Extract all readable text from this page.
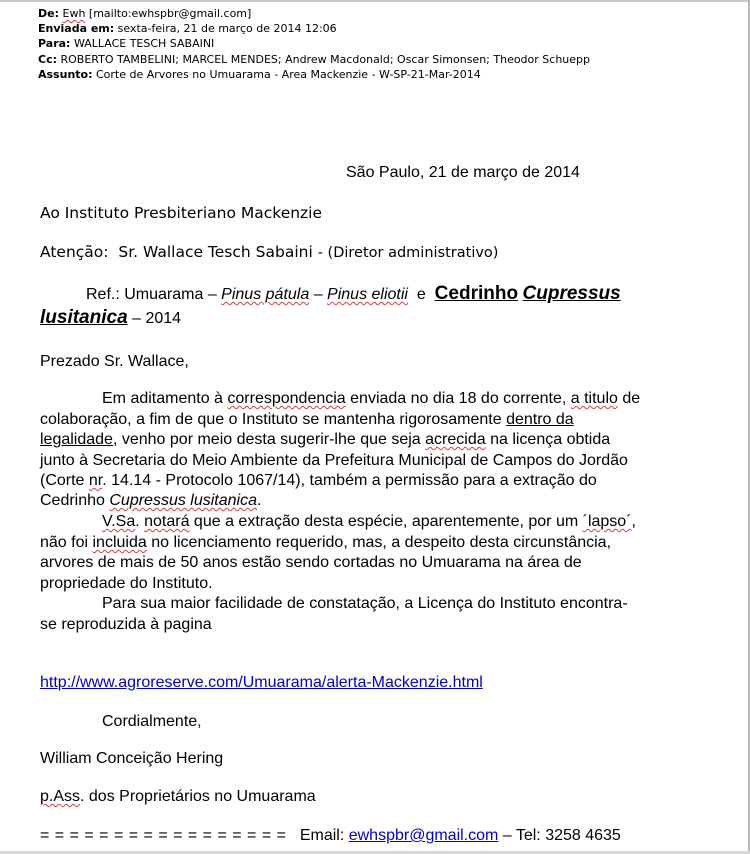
De: Ewh [mailto:ewhspbr@gmail.com]
Enviada em: sexta-feira, 21 de março de 2014 12:06
Para: WALLACE TESCH SABAINI
Cc: ROBERTO TAMBELINI; MARCEL MENDES; Andrew Macdonald; Oscar Simonsen; Theodor Schuepp
Assunto: Corte de Arvores no Umuarama - Area Mackenzie - W-SP-21-Mar-2014
São Paulo, 21 de março de 2014
Ao Instituto Presbiteriano Mackenzie
Atenção: Sr. Wallace Tesch Sabaini - (Diretor administrativo)
Ref.: Umuarama – Pinus pátula – Pinus eliotii e Cedrinho Cupressus
lusitanica – 2014
Prezado Sr. Wallace,
Em aditamento à correspondencia enviada no dia 18 do corrente, a titulo de
colaboração, a fim de que o Instituto se mantenha rigorosamente dentro da
legalidade, venho por meio desta sugerir-lhe que seja acrecida na licença obtida
junto à Secretaria do Meio Ambiente da Prefeitura Municipal de Campos do Jordão
(Corte nr. 14.14 - Protocolo 1067/14), também a permissão para a extração do
Cedrinho Cupressus lusitanica.
V.Sa. notará que a extração desta espécie, aparentemente, por um ´lapso´,
não foi incluida no licenciamento requerido, mas, a despeito desta circunstância,
arvores de mais de 50 anos estão sendo cortadas no Umuarama na área de
propriedade do Instituto.
Para sua maior facilidade de constatação, a Licença do Instituto encontra-
se reproduzida à pagina
http://www.agroreserve.com/Umuarama/alerta-Mackenzie.html
Cordialmente,
William Conceição Hering
p.Ass. dos Proprietários no Umuarama
= = = = = = = = = = = = = = = = = Email: ewhspbr@gmail.com – Tel: 3258 4635
